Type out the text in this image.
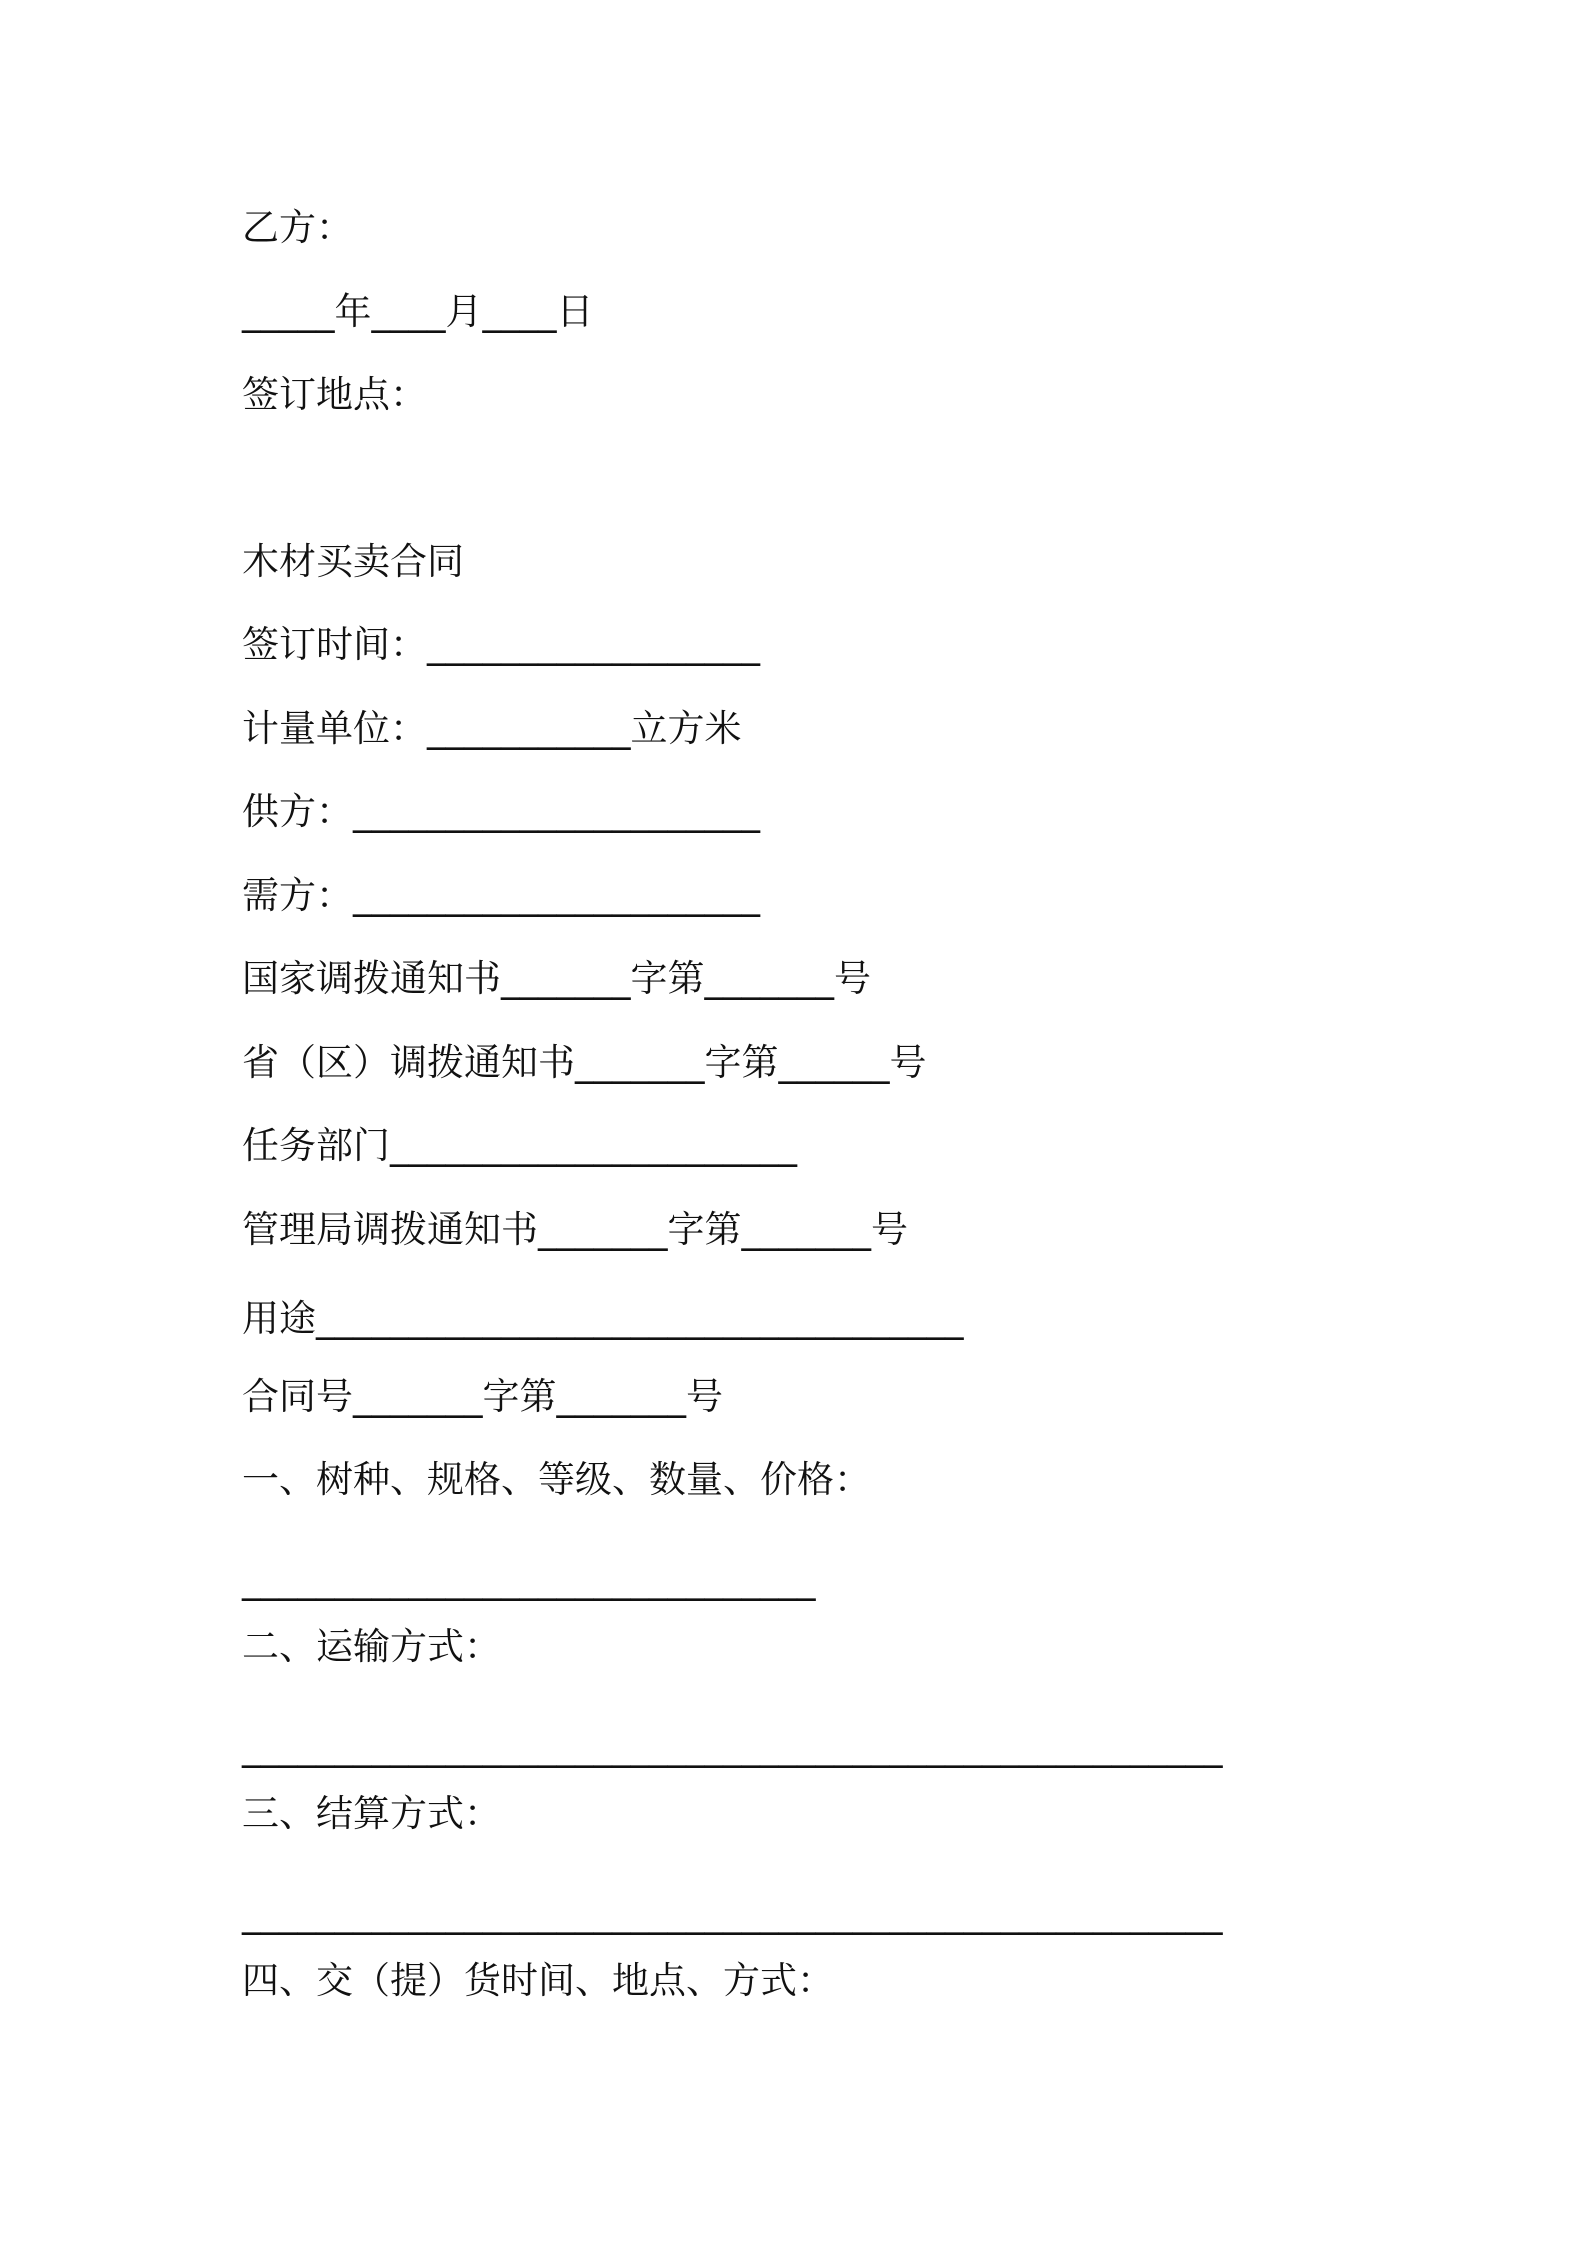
乙方：
_____年____月____日
签订地点：
木材买卖合同
签订时间：__________________
计量单位：___________立方米
供方：______________________
需方：______________________
国家调拨通知书_______字第_______号
省（区）调拨通知书_______字第______号
任务部门______________________
管理局调拨通知书_______字第_______号
用途___________________________________
合同号_______字第_______号
一、树种、规格、等级、数量、价格：
_______________________________
二、运输方式：
_____________________________________________________
三、结算方式：
_____________________________________________________
四、交（提）货时间、地点、方式：
